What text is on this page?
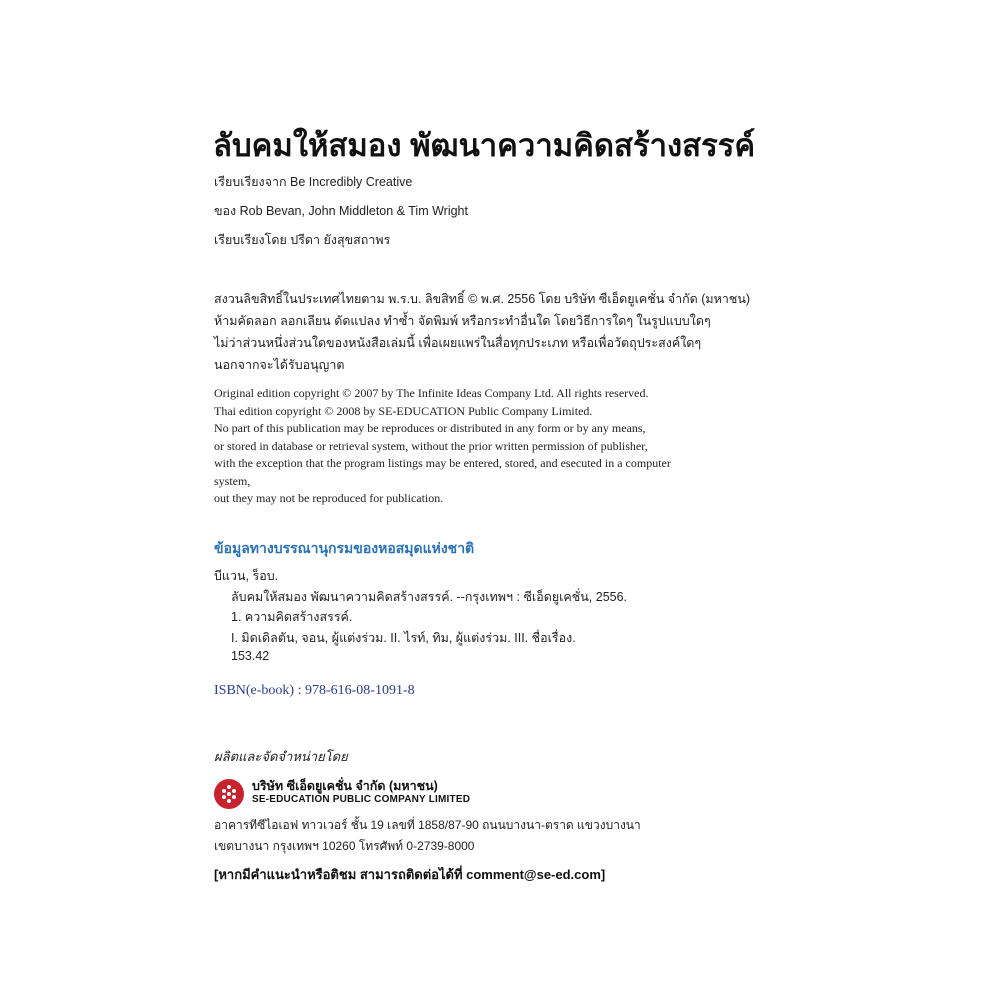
ลับคมให้สมอง พัฒนาความคิดสร้างสรรค์
เรียบเรียงจาก Be Incredibly Creative
ของ Rob Bevan, John Middleton & Tim Wright
เรียบเรียงโดย ปรีดา ยังสุขสถาพร
สงวนลิขสิทธิ์ในประเทศไทยตาม พ.ร.บ. ลิขสิทธิ์ © พ.ศ. 2556 โดย บริษัท ซีเอ็ดยูเคชั่น จำกัด (มหาชน)
ห้ามคัดลอก ลอกเลียน ดัดแปลง ทำซ้ำ จัดพิมพ์ หรือกระทำอื่นใด โดยวิธีการใดๆ ในรูปแบบใดๆ
ไม่ว่าส่วนหนึ่งส่วนใดของหนังสือเล่มนี้ เพื่อเผยแพร่ในสื่อทุกประเภท หรือเพื่อวัตถุประสงค์ใดๆ
นอกจากจะได้รับอนุญาต
Original edition copyright © 2007 by The Infinite Ideas Company Ltd. All rights reserved.
Thai edition copyright © 2008 by SE-EDUCATION Public Company Limited.
No part of this publication may be reproduces or distributed in any form or by any means,
or stored in database or retrieval system, without the prior written permission of publisher,
with the exception that the program listings may be entered, stored, and esecuted in a computer
system,
out they may not be reproduced for publication.
ข้อมูลทางบรรณานุกรมของหอสมุดแห่งชาติ
บีแวน, ร็อบ.
ลับคมให้สมอง พัฒนาความคิดสร้างสรรค์. --กรุงเทพฯ : ซีเอ็ดยูเคชั่น, 2556.
1. ความคิดสร้างสรรค์.
I. มิดเดิลตัน, จอน, ผู้แต่งร่วม. II. ไรท์, ทิม, ผู้แต่งร่วม. III. ชื่อเรื่อง.
153.42
ISBN(e-book) : 978-616-08-1091-8
ผลิตและจัดจำหน่ายโดย
บริษัท ซีเอ็ดยูเคชั่น จำกัด (มหาชน)
SE-EDUCATION PUBLIC COMPANY LIMITED
อาคารทีซีไอเอฟ ทาวเวอร์ ชั้น 19 เลขที่ 1858/87-90 ถนนบางนา-ตราด แขวงบางนา
เขตบางนา กรุงเทพฯ 10260 โทรศัพท์ 0-2739-8000
[หากมีคำแนะนำหรือติชม สามารถติดต่อได้ที่ comment@se-ed.com]
